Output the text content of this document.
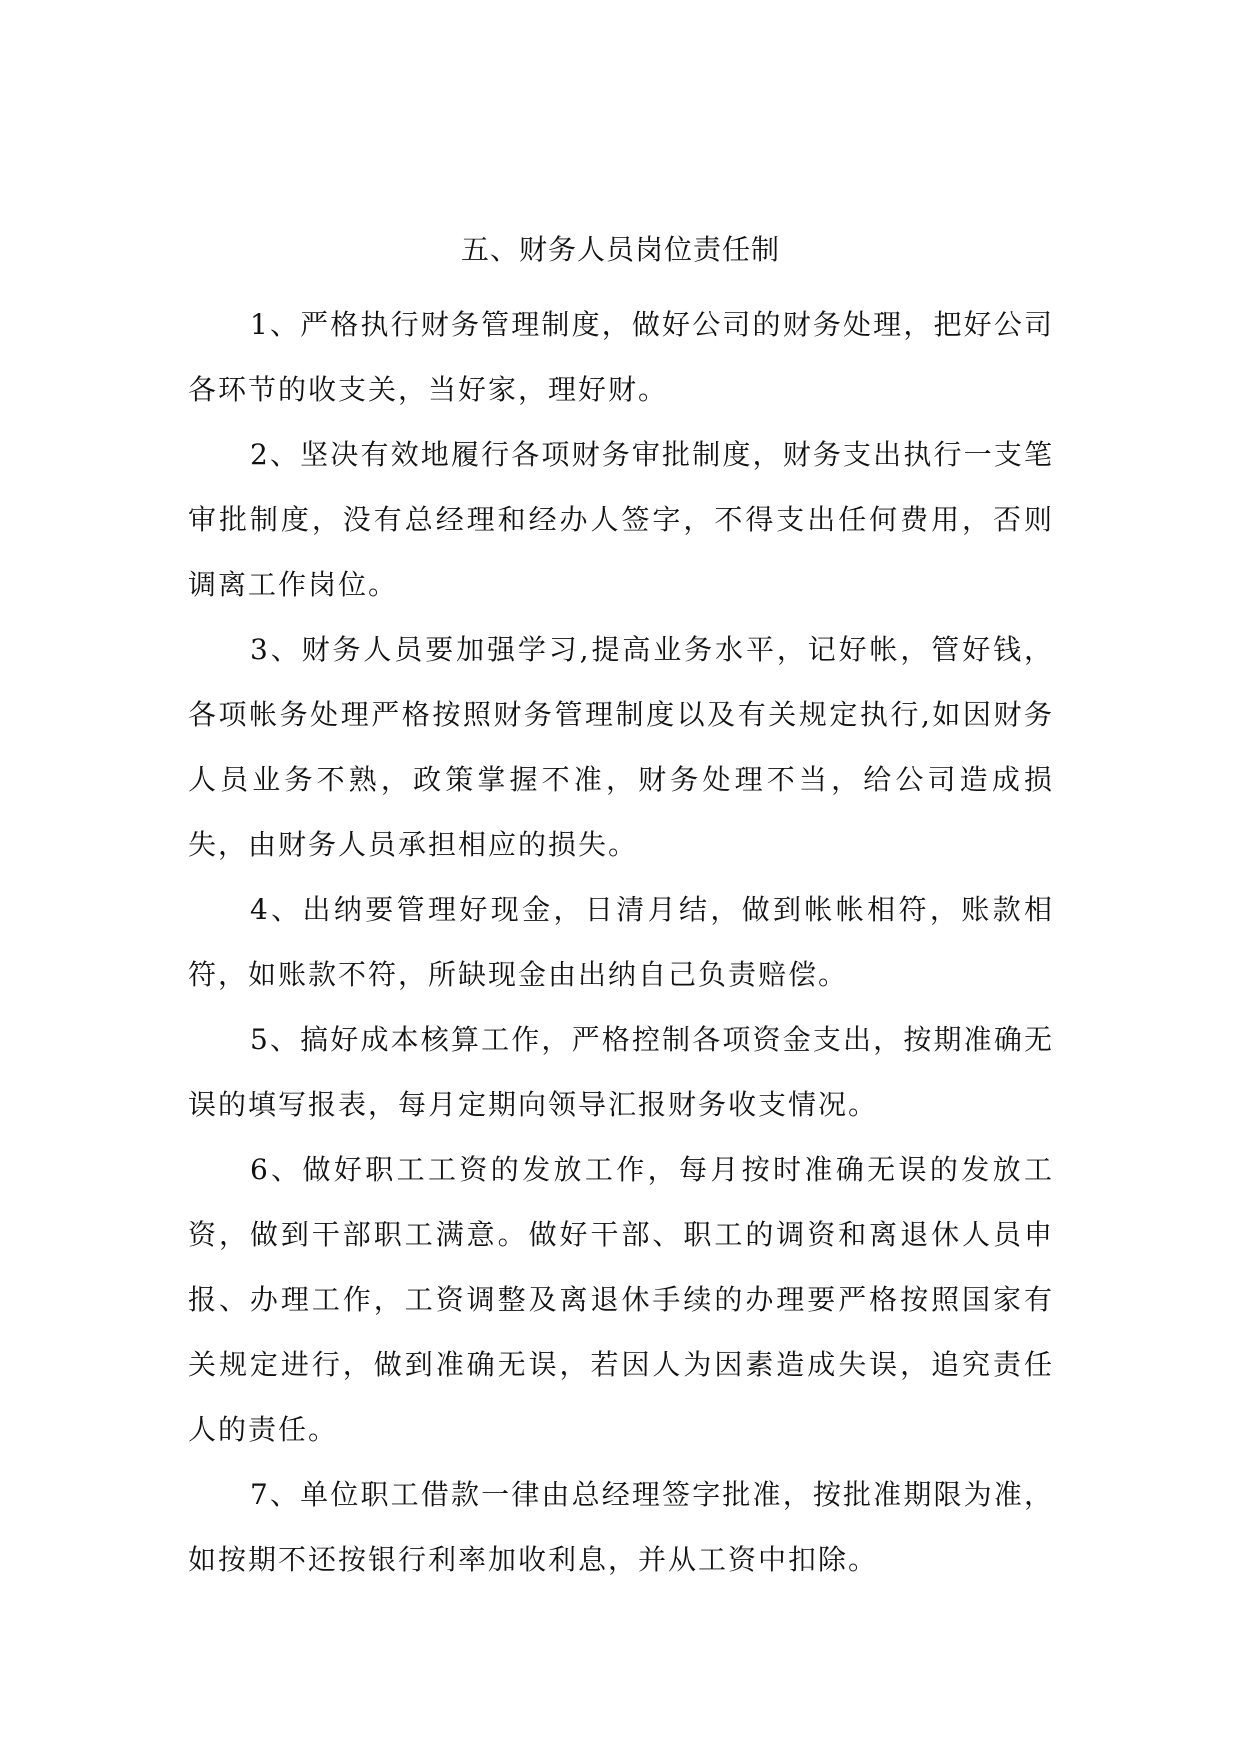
五、财务人员岗位责任制

1、严格执行财务管理制度，做好公司的财务处理，把好公司各环节的收支关，当好家，理好财。

2、坚决有效地履行各项财务审批制度，财务支出执行一支笔审批制度，没有总经理和经办人签字，不得支出任何费用，否则调离工作岗位。

3、财务人员要加强学习,提高业务水平，记好帐，管好钱，各项帐务处理严格按照财务管理制度以及有关规定执行,如因财务人员业务不熟，政策掌握不准，财务处理不当，给公司造成损失，由财务人员承担相应的损失。

4、出纳要管理好现金，日清月结，做到帐帐相符，账款相符，如账款不符，所缺现金由出纳自己负责赔偿。

5、搞好成本核算工作，严格控制各项资金支出，按期准确无误的填写报表，每月定期向领导汇报财务收支情况。

6、做好职工工资的发放工作，每月按时准确无误的发放工资，做到干部职工满意。做好干部、职工的调资和离退休人员申报、办理工作，工资调整及离退休手续的办理要严格按照国家有关规定进行，做到准确无误，若因人为因素造成失误，追究责任人的责任。

7、单位职工借款一律由总经理签字批准，按批准期限为准，如按期不还按银行利率加收利息，并从工资中扣除。
